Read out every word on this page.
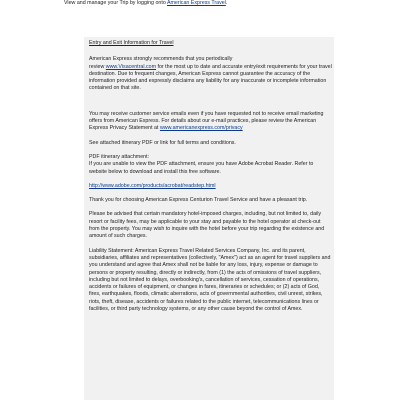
View and manage your Trip by logging onto American Express Travel.

Entry and Exit Information for Travel

American Express strongly recommends that you periodically
review www.Visacentral.com for the most up to date and accurate entry/exit requirements for your travel destination. Due to frequent changes, American Express cannot guarantee the accuracy of the information provided and expressly disclaims any liability for any inaccurate or incomplete information contained on that site.

You may receive customer service emails even if you have requested not to receive email marketing offers from American Express. For details about our e-mail practices, please review the American Express Privacy Statement at www.americanexpress.com/privacy

See attached itinerary PDF or link for full terms and conditions.

PDF itinerary attachment:
If you are unable to view the PDF attachment, ensure you have Adobe Acrobat Reader. Refer to website below to download and install this free software.

http://www.adobe.com/products/acrobat/readstep.html

Thank you for choosing American Express Centurion Travel Service and have a pleasant trip.

Please be advised that certain mandatory hotel-imposed charges, including, but not limited to, daily resort or facility fees, may be applicable to your stay and payable to the hotel operator at check-out from the property. You may wish to inquire with the hotel before your trip regarding the existence and amount of such charges.

Liability Statement: American Express Travel Related Services Company, Inc. and its parent, subsidiaries, affiliates and representatives (collectively, "Amex") act as an agent for travel suppliers and you understand and agree that Amex shall not be liable for any loss, injury, expense or damage to persons or property resulting, directly or indirectly, from (1) the acts of omissions of travel suppliers, including but not limited to delays, overbooking's, cancellation of services, cessation of operations, accidents or failures of equipment, or changes in fares, itineraries or schedules; or (2) acts of God, fires, earthquakes, floods, climatic aberrations, acts of governmental authorities, civil unrest, strikes, riots, theft, disease, accidents or failures related to the public internet, telecommunications lines or facilities, or third party technology systems, or any other cause beyond the control of Amex.
